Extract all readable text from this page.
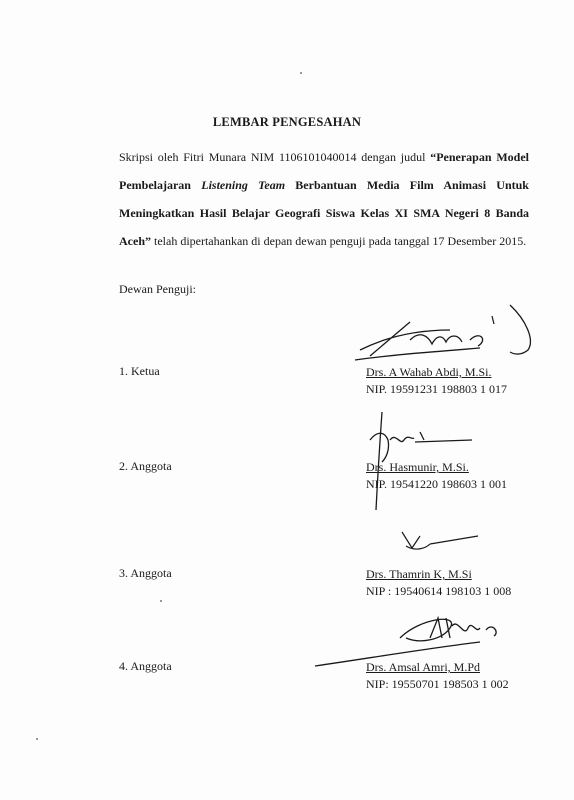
LEMBAR PENGESAHAN
Skripsi oleh Fitri Munara NIM 1106101040014 dengan judul “Penerapan Model Pembelajaran Listening Team Berbantuan Media Film Animasi Untuk Meningkatkan Hasil Belajar Geografi Siswa Kelas XI SMA Negeri 8 Banda Aceh” telah dipertahankan di depan dewan penguji pada tanggal 17 Desember 2015.
Dewan Penguji:
1. Ketua	Drs. A Wahab Abdi, M.Si.
NIP. 19591231 198803 1 017
2. Anggota	Drs. Hasmunir, M.Si.
NIP. 19541220 198603 1 001
3. Anggota	Drs. Thamrin K, M.Si
NIP : 19540614 198103 1 008
4. Anggota	Drs. Amsal Amri, M.Pd
NIP: 19550701 198503 1 002
